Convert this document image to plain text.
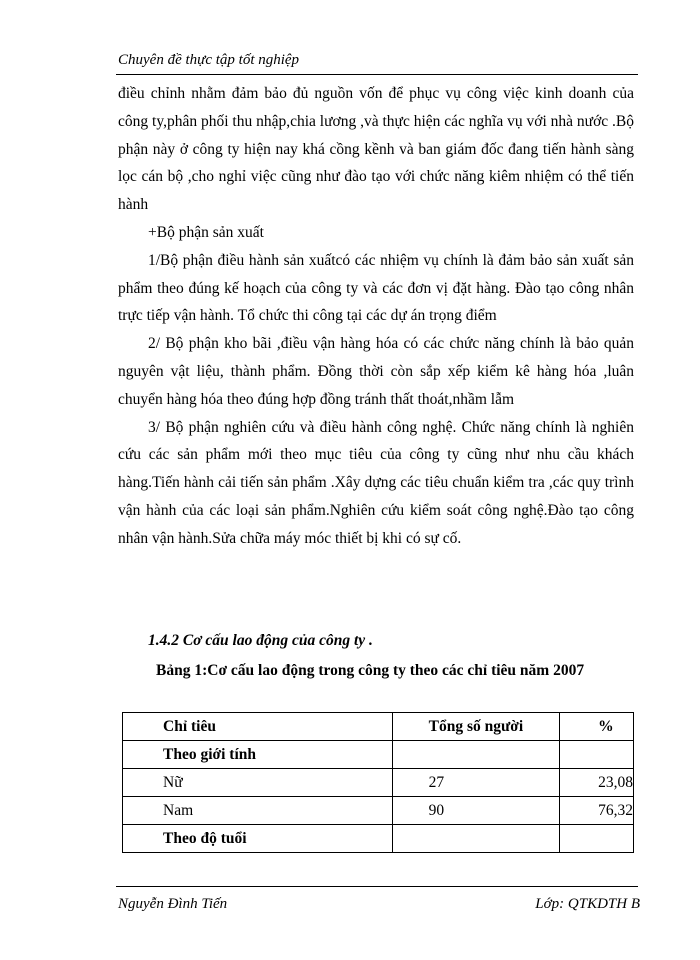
Chuyên đề thực tập tốt nghiệp

điều chỉnh nhằm đảm bảo đủ nguồn vốn để phục vụ công việc kinh doanh của công ty,phân phối thu nhập,chia lương ,và thực hiện các nghĩa vụ với nhà nước .Bộ phận này ở công ty hiện nay khá cồng kềnh và ban giám đốc đang tiến hành sàng lọc cán bộ ,cho nghỉ việc cũng như đào tạo với chức năng kiêm nhiệm có thể tiến hành

+Bộ phận sản xuất

1/Bộ phận điều hành sản xuấtcó các nhiệm vụ chính là đảm bảo sản xuất sản phẩm theo đúng kế hoạch của công ty và các đơn vị đặt hàng. Đào tạo công nhân trực tiếp vận hành. Tổ chức thi công tại các dự án trọng điểm

2/ Bộ phận kho bãi ,điều vận hàng hóa có các chức năng chính là bảo quản nguyên vật liệu, thành phẩm. Đồng thời còn sắp xếp kiểm kê hàng hóa ,luân chuyển hàng hóa theo đúng hợp đồng tránh thất thoát,nhầm lẫm

3/ Bộ phận nghiên cứu và điều hành công nghệ. Chức năng chính là nghiên cứu các sản phẩm mới theo mục tiêu của công ty cũng như nhu cầu khách hàng.Tiến hành cải tiến sản phẩm .Xây dựng các tiêu chuẩn kiểm tra ,các quy trình vận hành của các loại sản phẩm.Nghiên cứu kiểm soát công nghệ.Đào tạo công nhân vận hành.Sửa chữa máy móc thiết bị khi có sự cố.

1.4.2 Cơ cấu lao động của công ty .
Bảng 1:Cơ cấu lao động trong công ty theo các chỉ tiêu năm 2007
Chỉ tiêu	Tổng số người	%
Theo giới tính		
Nữ	27	23,08
Nam	90	76,32
Theo độ tuổi		
Nguyễn Đình Tiến	Lớp: QTKDTH B
